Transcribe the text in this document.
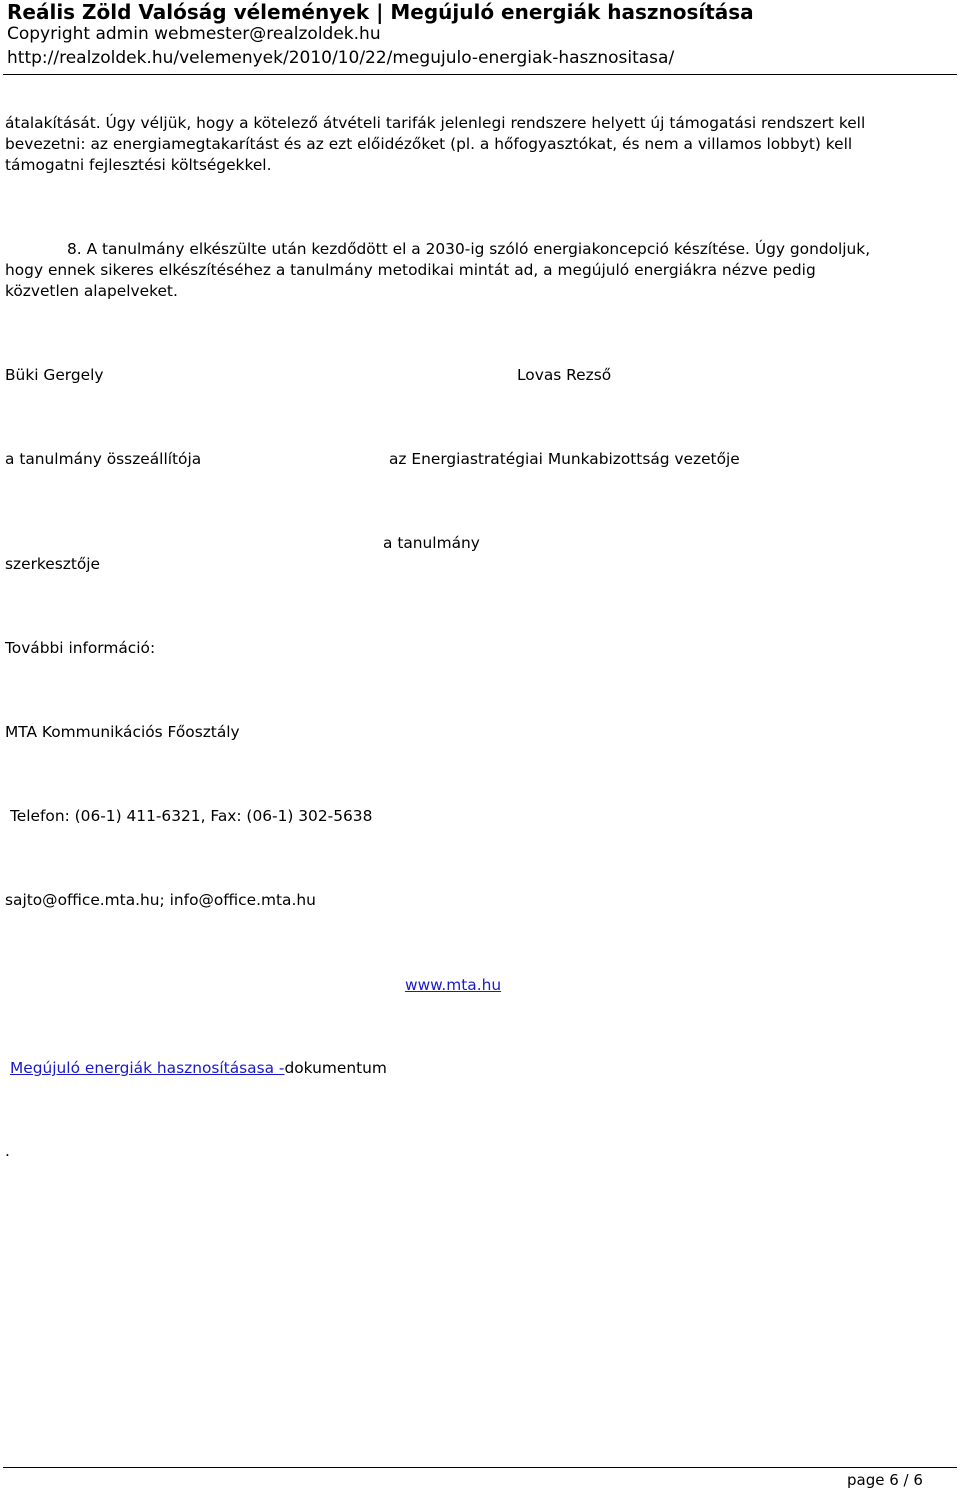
Reális Zöld Valóság vélemények | Megújuló energiák hasznosítása
Copyright admin webmester@realzoldek.hu
http://realzoldek.hu/velemenyek/2010/10/22/megujulo-energiak-hasznositasa/
átalakítását. Úgy véljük, hogy a kötelező átvételi tarifák jelenlegi rendszere helyett új támogatási rendszert kell
bevezetni: az energiamegtakarítást és az ezt előidézőket (pl. a hőfogyasztókat, és nem a villamos lobbyt) kell
támogatni fejlesztési költségekkel.
8. A tanulmány elkészülte után kezdődött el a 2030-ig szóló energiakoncepció készítése. Úgy gondoljuk,
hogy ennek sikeres elkészítéséhez a tanulmány metodikai mintát ad, a megújuló energiákra nézve pedig
közvetlen alapelveket.
Büki Gergely	Lovas Rezső
a tanulmány összeállítója	az Energiastratégiai Munkabizottság vezetője
a tanulmány
szerkesztője
További információ:
MTA Kommunikációs Főosztály
Telefon: (06-1) 411-6321, Fax: (06-1) 302-5638
sajto@office.mta.hu; info@office.mta.hu
www.mta.hu
Megújuló energiák hasznosításasa -dokumentum
.
page 6 / 6
